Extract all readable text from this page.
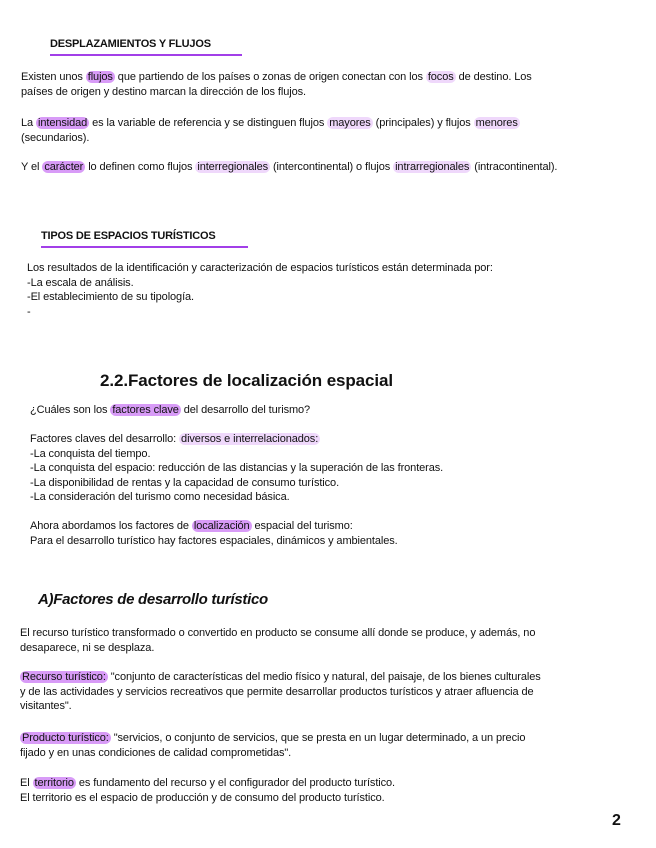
DESPLAZAMIENTOS Y FLUJOS
Existen unos flujos que partiendo de los países o zonas de origen conectan con los focos de destino. Los
países de origen y destino marcan la dirección de los flujos.
La intensidad es la variable de referencia y se distinguen flujos mayores (principales) y flujos menores
(secundarios).
Y el carácter lo definen como flujos interregionales (intercontinental) o flujos intrarregionales (intracontinental).
TIPOS DE ESPACIOS TURÍSTICOS
Los resultados de la identificación y caracterización de espacios turísticos están determinada por:
-La escala de análisis.
-El establecimiento de su tipología.
-
2.2.Factores de localización espacial
¿Cuáles son los factores clave del desarrollo del turismo?
Factores claves del desarrollo: diversos e interrelacionados:
-La conquista del tiempo.
-La conquista del espacio: reducción de las distancias y la superación de las fronteras.
-La disponibilidad de rentas y la capacidad de consumo turístico.
-La consideración del turismo como necesidad básica.
Ahora abordamos los factores de localización espacial del turismo:
Para el desarrollo turístico hay factores espaciales, dinámicos y ambientales.
A)Factores de desarrollo turístico
El recurso turístico transformado o convertido en producto se consume allí donde se produce, y además, no
desaparece, ni se desplaza.
Recurso turístico: "conjunto de características del medio físico y natural, del paisaje, de los bienes culturales
y de las actividades y servicios recreativos que permite desarrollar productos turísticos y atraer afluencia de
visitantes".
Producto turístico: "servicios, o conjunto de servicios, que se presta en un lugar determinado, a un precio
fijado y en unas condiciones de calidad comprometidas".
El territorio es fundamento del recurso y el configurador del producto turístico.
El territorio es el espacio de producción y de consumo del producto turístico.
2
